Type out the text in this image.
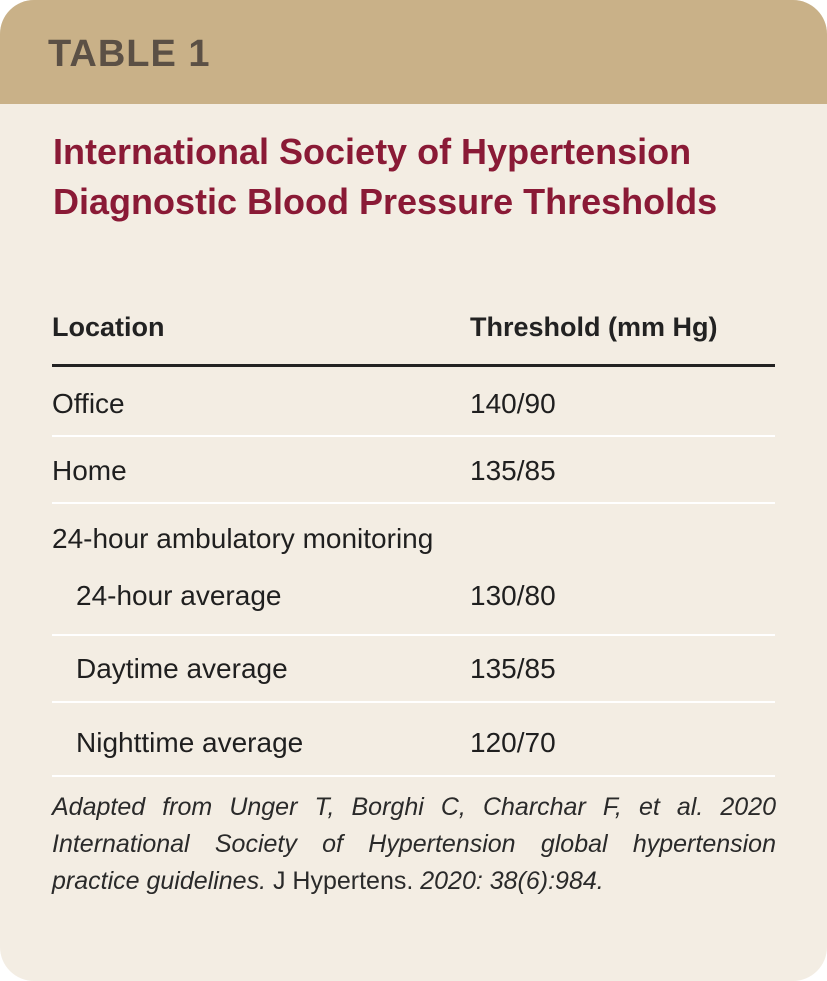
TABLE 1
International Society of Hypertension Diagnostic Blood Pressure Thresholds
Location	Threshold (mm Hg)
Office	140/90
Home	135/85
24-hour ambulatory monitoring
24-hour average	130/80
Daytime average	135/85
Nighttime average	120/70

Adapted from Unger T, Borghi C, Charchar F, et al. 2020 International Society of Hypertension global hypertension practice guidelines. J Hypertens. 2020: 38(6):984.
